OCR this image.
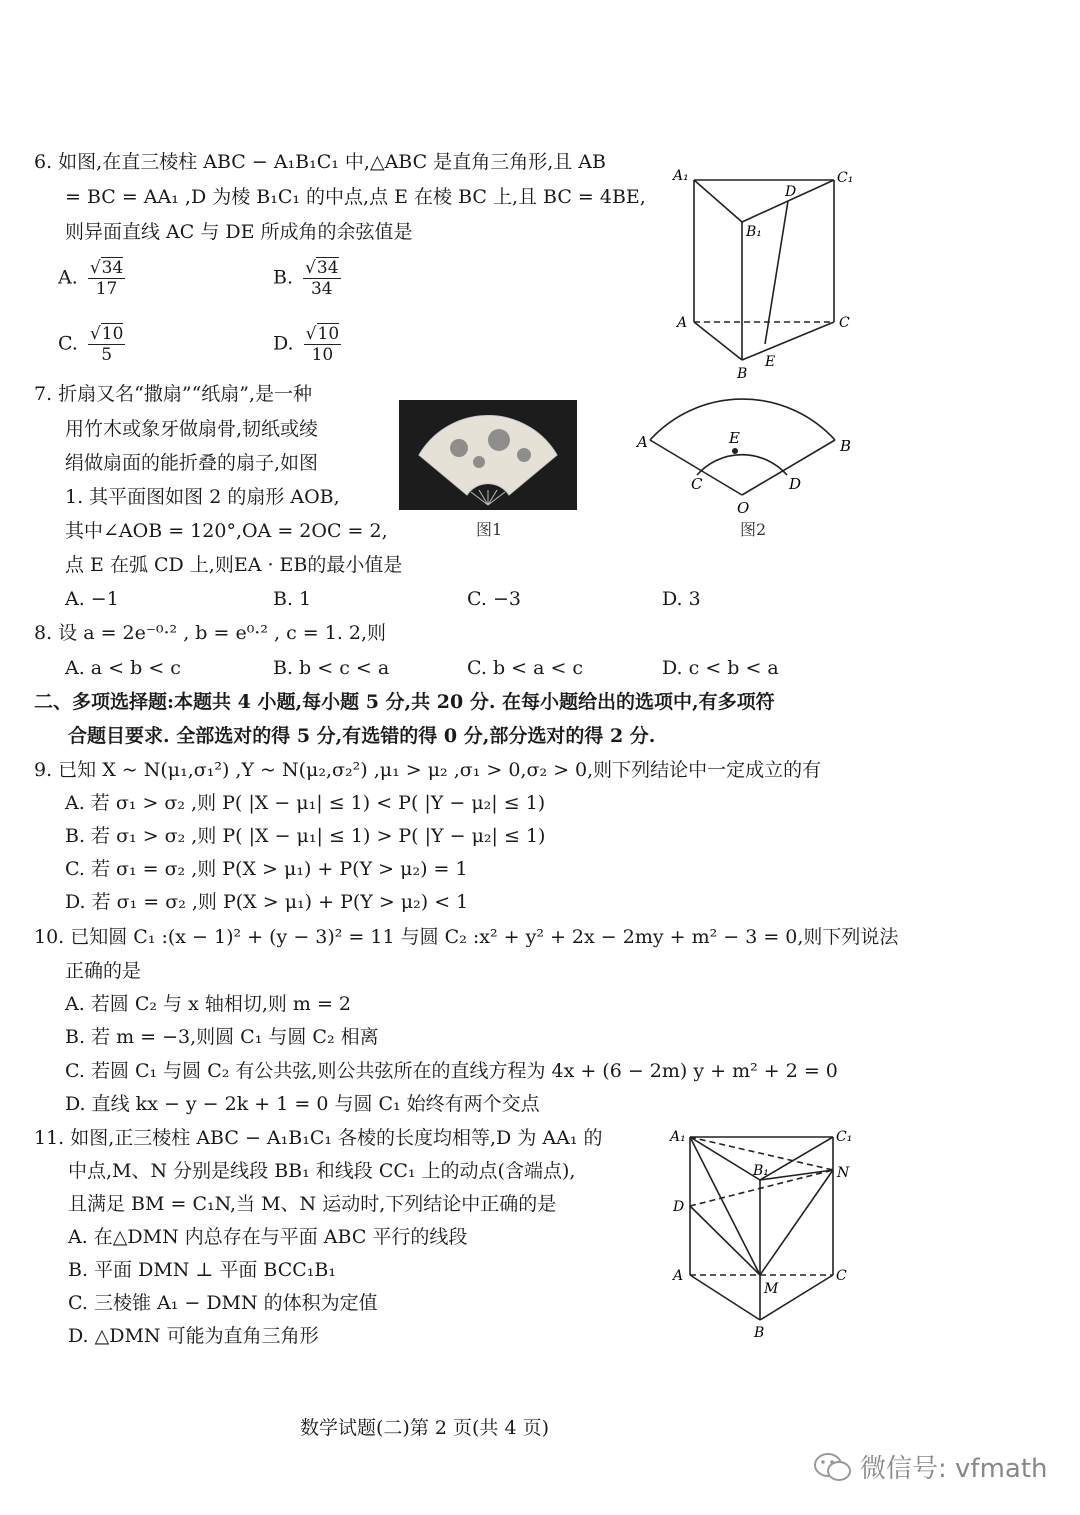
6. 如图,在直三棱柱 ABC − A₁B₁C₁ 中,△ABC 是直角三角形,且 AB
= BC = AA₁ ,D 为棱 B₁C₁ 的中点,点 E 在棱 BC 上,且 BC = 4BE,
则异面直线 AC 与 DE 所成角的余弦值是
A. $\frac{√34}{17}$	B. $\frac{√34}{34}$
C. $\frac{√10}{5}$	D. $\frac{√10}{10}$
A₁	C₁
D
B₁
A	C
B
E
7. 折扇又名“撒扇”“纸扇”,是一种
用竹木或象牙做扇骨,韧纸或绫
绢做扇面的能折叠的扇子,如图
1. 其平面图如图 2 的扇形 AOB,
其中∠AOB = 120°,OA = 2OC = 2,
点 E 在弧 CD 上,则EA · EB的最小值是
图1
A	B
E
C	D
O
图2
A. −1	B. 1	C. −3	D. 3
8. 设 a = 2e⁻⁰·² , b = e⁰·² , c = 1. 2,则
A. a < b < c	B. b < c < a	C. b < a < c	D. c < b < a
二、多项选择题:本题共 4 小题,每小题 5 分,共 20 分. 在每小题给出的选项中,有多项符
合题目要求. 全部选对的得 5 分,有选错的得 0 分,部分选对的得 2 分.
9. 已知 X ~ N(μ₁,σ₁²) ,Y ~ N(μ₂,σ₂²) ,μ₁ > μ₂ ,σ₁ > 0,σ₂ > 0,则下列结论中一定成立的有
A. 若 σ₁ > σ₂ ,则 P( |X − μ₁| ≤ 1) < P( |Y − μ₂| ≤ 1)
B. 若 σ₁ > σ₂ ,则 P( |X − μ₁| ≤ 1) > P( |Y − μ₂| ≤ 1)
C. 若 σ₁ = σ₂ ,则 P(X > μ₁) + P(Y > μ₂) = 1
D. 若 σ₁ = σ₂ ,则 P(X > μ₁) + P(Y > μ₂) < 1
10. 已知圆 C₁ :(x − 1)² + (y − 3)² = 11 与圆 C₂ :x² + y² + 2x − 2my + m² − 3 = 0,则下列说法
正确的是
A. 若圆 C₂ 与 x 轴相切,则 m = 2
B. 若 m = −3,则圆 C₁ 与圆 C₂ 相离
C. 若圆 C₁ 与圆 C₂ 有公共弦,则公共弦所在的直线方程为 4x + (6 − 2m) y + m² + 2 = 0
D. 直线 kx − y − 2k + 1 = 0 与圆 C₁ 始终有两个交点
11. 如图,正三棱柱 ABC − A₁B₁C₁ 各棱的长度均相等,D 为 AA₁ 的
中点,M、N 分别是线段 BB₁ 和线段 CC₁ 上的动点(含端点),
且满足 BM = C₁N,当 M、N 运动时,下列结论中正确的是
A. 在△DMN 内总存在与平面 ABC 平行的线段
B. 平面 DMN ⊥ 平面 BCC₁B₁
C. 三棱锥 A₁ − DMN 的体积为定值
D. △DMN 可能为直角三角形
A₁	C₁
B₁	N
D
A	C
M
B
数学试题(二)第 2 页(共 4 页)
微信号: vfmath
